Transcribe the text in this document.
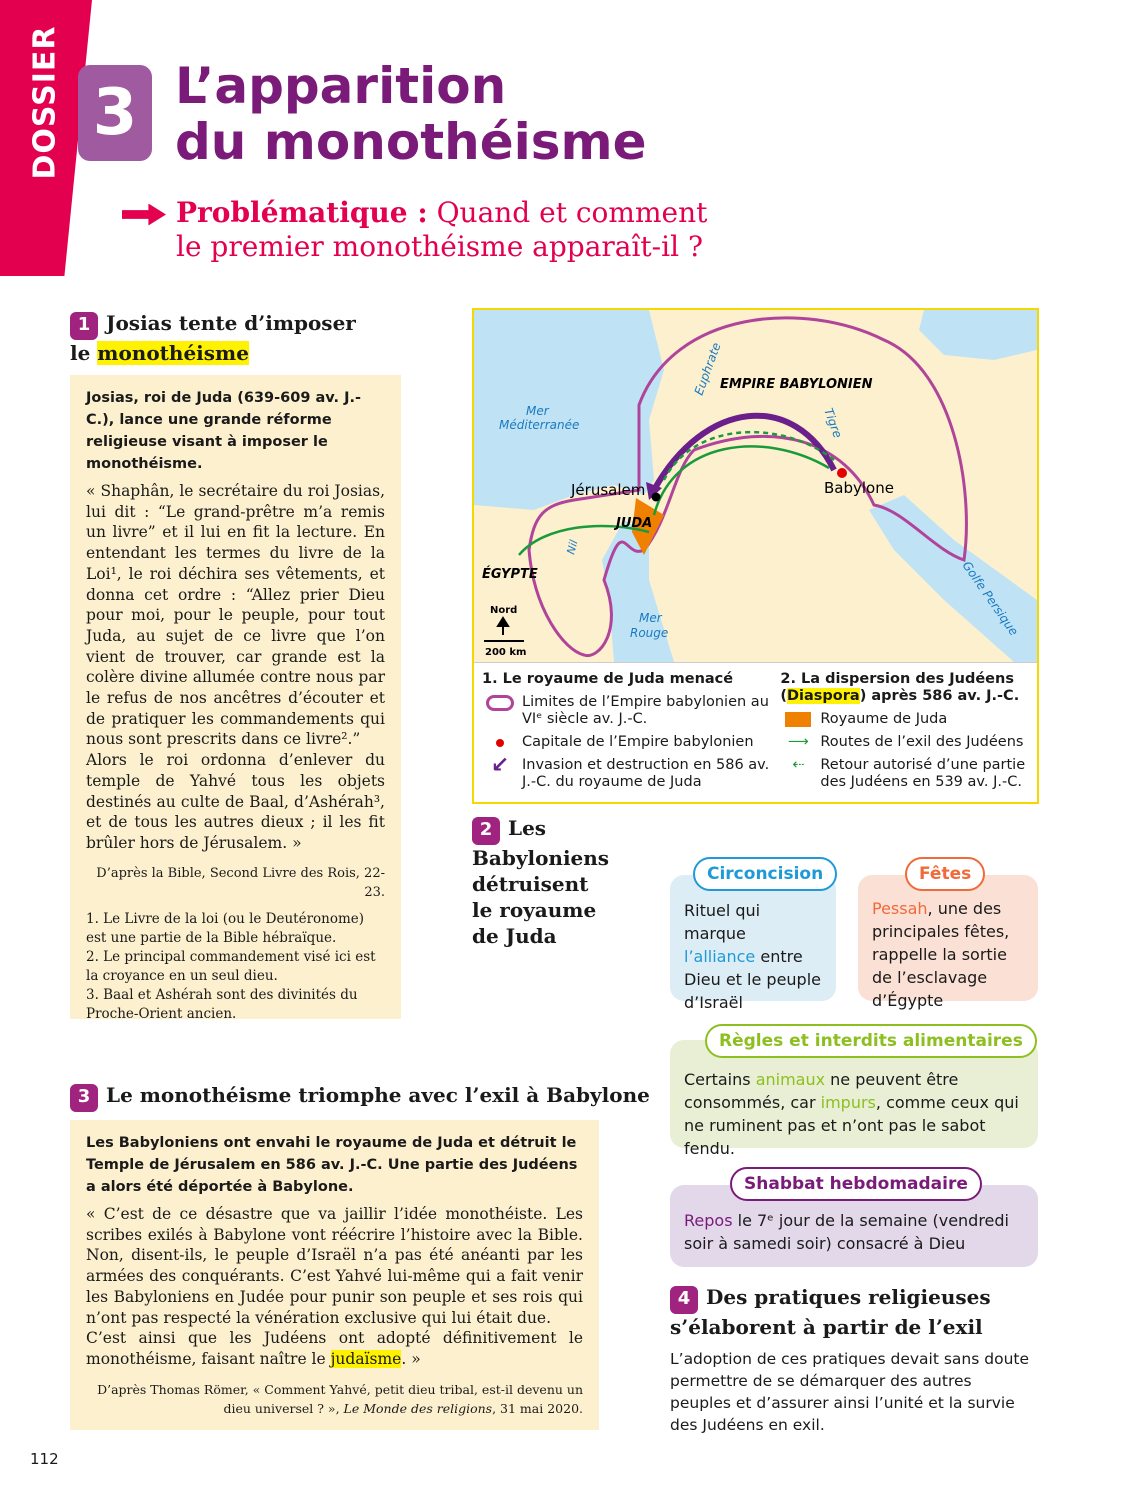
DOSSIER 3 L’apparition
du monothéisme
Problématique : Quand et comment
le premier monothéisme apparaît-il ?
1 Josias tente d’imposer
le monothéisme
Josias, roi de Juda (639-609 av. J.-C.), lance une grande réforme religieuse visant à imposer le monothéisme.
« Shaphân, le secrétaire du roi Josias, lui dit : “Le grand-prêtre m’a remis un livre” et il lui en fit la lecture. En entendant les termes du livre de la Loi¹, le roi déchira ses vêtements, et donna cet ordre : “Allez prier Dieu pour moi, pour le peuple, pour tout Juda, au sujet de ce livre que l’on vient de trouver, car grande est la colère divine allumée contre nous par le refus de nos ancêtres d’écouter et de pratiquer les commandements qui nous sont prescrits dans ce livre².”
Alors le roi ordonna d’enlever du temple de Yahvé tous les objets destinés au culte de Baal, d’Ashérah³, et de tous les autres dieux ; il les fit brûler hors de Jérusalem. »
D’après la Bible, Second Livre des Rois, 22-23.
1. Le Livre de la loi (ou le Deutéronome) est une partie de la Bible hébraïque.
2. Le principal commandement visé ici est la croyance en un seul dieu.
3. Baal et Ashérah sont des divinités du Proche-Orient ancien.
EMPIRE BABYLONIEN
Mer
Méditerranée
Euphrate
Tigre
Jérusalem	Babylone
JUDA
ÉGYPTE
Nil
Mer
Rouge	Golfe Persique
Nord
200 km
1. Le royaume de Juda menacé
Limites de l’Empire babylonien au VIᵉ siècle av. J.-C.
Capitale de l’Empire babylonien
↙ Invasion et destruction en 586 av. J.-C. du royaume de Juda
2. La dispersion des Judéens
(Diaspora) après 586 av. J.-C.
Royaume de Juda
⟶ Routes de l’exil des Judéens
⇠	Retour autorisé d’une partie des Judéens en 539 av. J.-C.
2 Les Babyloniens détruisent le royaume de Juda
Rituel qui marque l’alliance entre Dieu et le peuple d’Israël
Circoncision
Pessah, une des principales fêtes, rappelle la sortie de l’esclavage d’Égypte
Fêtes
Certains animaux ne peuvent être consommés, car impurs, comme ceux qui ne ruminent pas et n’ont pas le sabot fendu.
Règles et interdits alimentaires
Repos le 7ᵉ jour de la semaine (vendredi soir à samedi soir) consacré à Dieu
Shabbat hebdomadaire
4 Des pratiques religieuses
s’élaborent à partir de l’exil
L’adoption de ces pratiques devait sans doute permettre de se démarquer des autres peuples et d’assurer ainsi l’unité et la survie des Judéens en exil.
3 Le monothéisme triomphe avec l’exil à Babylone
Les Babyloniens ont envahi le royaume de Juda et détruit le Temple de Jérusalem en 586 av. J.-C. Une partie des Judéens a alors été déportée à Babylone.
« C’est de ce désastre que va jaillir l’idée monothéiste. Les scribes exilés à Babylone vont réécrire l’histoire avec la Bible. Non, disent-ils, le peuple d’Israël n’a pas été anéanti par les armées des conquérants. C’est Yahvé lui-même qui a fait venir les Babyloniens en Judée pour punir son peuple et ses rois qui n’ont pas respecté la vénération exclusive qui lui était due.
C’est ainsi que les Judéens ont adopté définitivement le monothéisme, faisant naître le judaïsme. »
D’après Thomas Römer, « Comment Yahvé, petit dieu tribal, est-il devenu un dieu universel ? », Le Monde des religions, 31 mai 2020.
112
